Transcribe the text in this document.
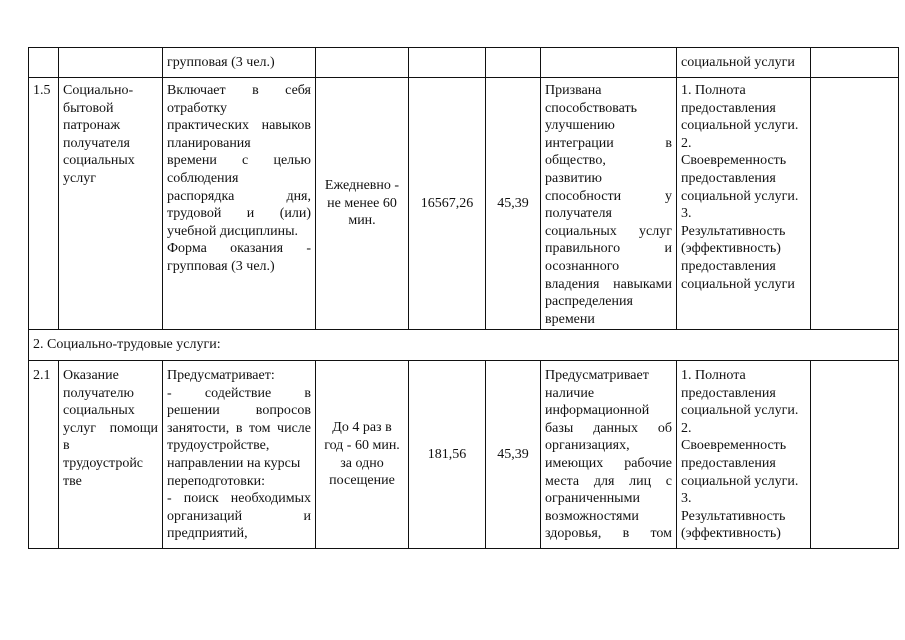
групповая (3 чел.)	социальной услуги
1.5 Социально-
бытовой
патронаж
получателя
социальных
услуг
Включает в себя
отработку
практических навыков
планирования
времени с целью
соблюдения
распорядка дня,
трудовой и (или)
учебной дисциплины.
Форма оказания -
групповая (3 чел.)
Ежедневно -
не менее 60
мин.
16567,26 45,39
Призвана
способствовать
улучшению
интеграции в
общество,
развитию
способности у
получателя
социальных услуг
правильного и
осознанного
владения навыками
распределения
времени
1. Полнота
предоставления
социальной услуги.
2.
Своевременность
предоставления
социальной услуги.
3.
Результативность
(эффективность)
предоставления
социальной услуги
2. Социально-трудовые услуги:
2.1 Оказание
получателю
социальных
услуг помощи
в
трудоустройс
тве
Предусматривает:
- содействие в
решении вопросов
занятости, в том числе
трудоустройстве,
направлении на курсы
переподготовки:
- поиск необходимых
организаций и
предприятий,
До 4 раз в
год - 60 мин.
за одно
посещение
181,56 45,39
Предусматривает
наличие
информационной
базы данных об
организациях,
имеющих рабочие
места для лиц с
ограниченными
возможностями
здоровья, в том
1. Полнота
предоставления
социальной услуги.
2.
Своевременность
предоставления
социальной услуги.
3.
Результативность
(эффективность)
